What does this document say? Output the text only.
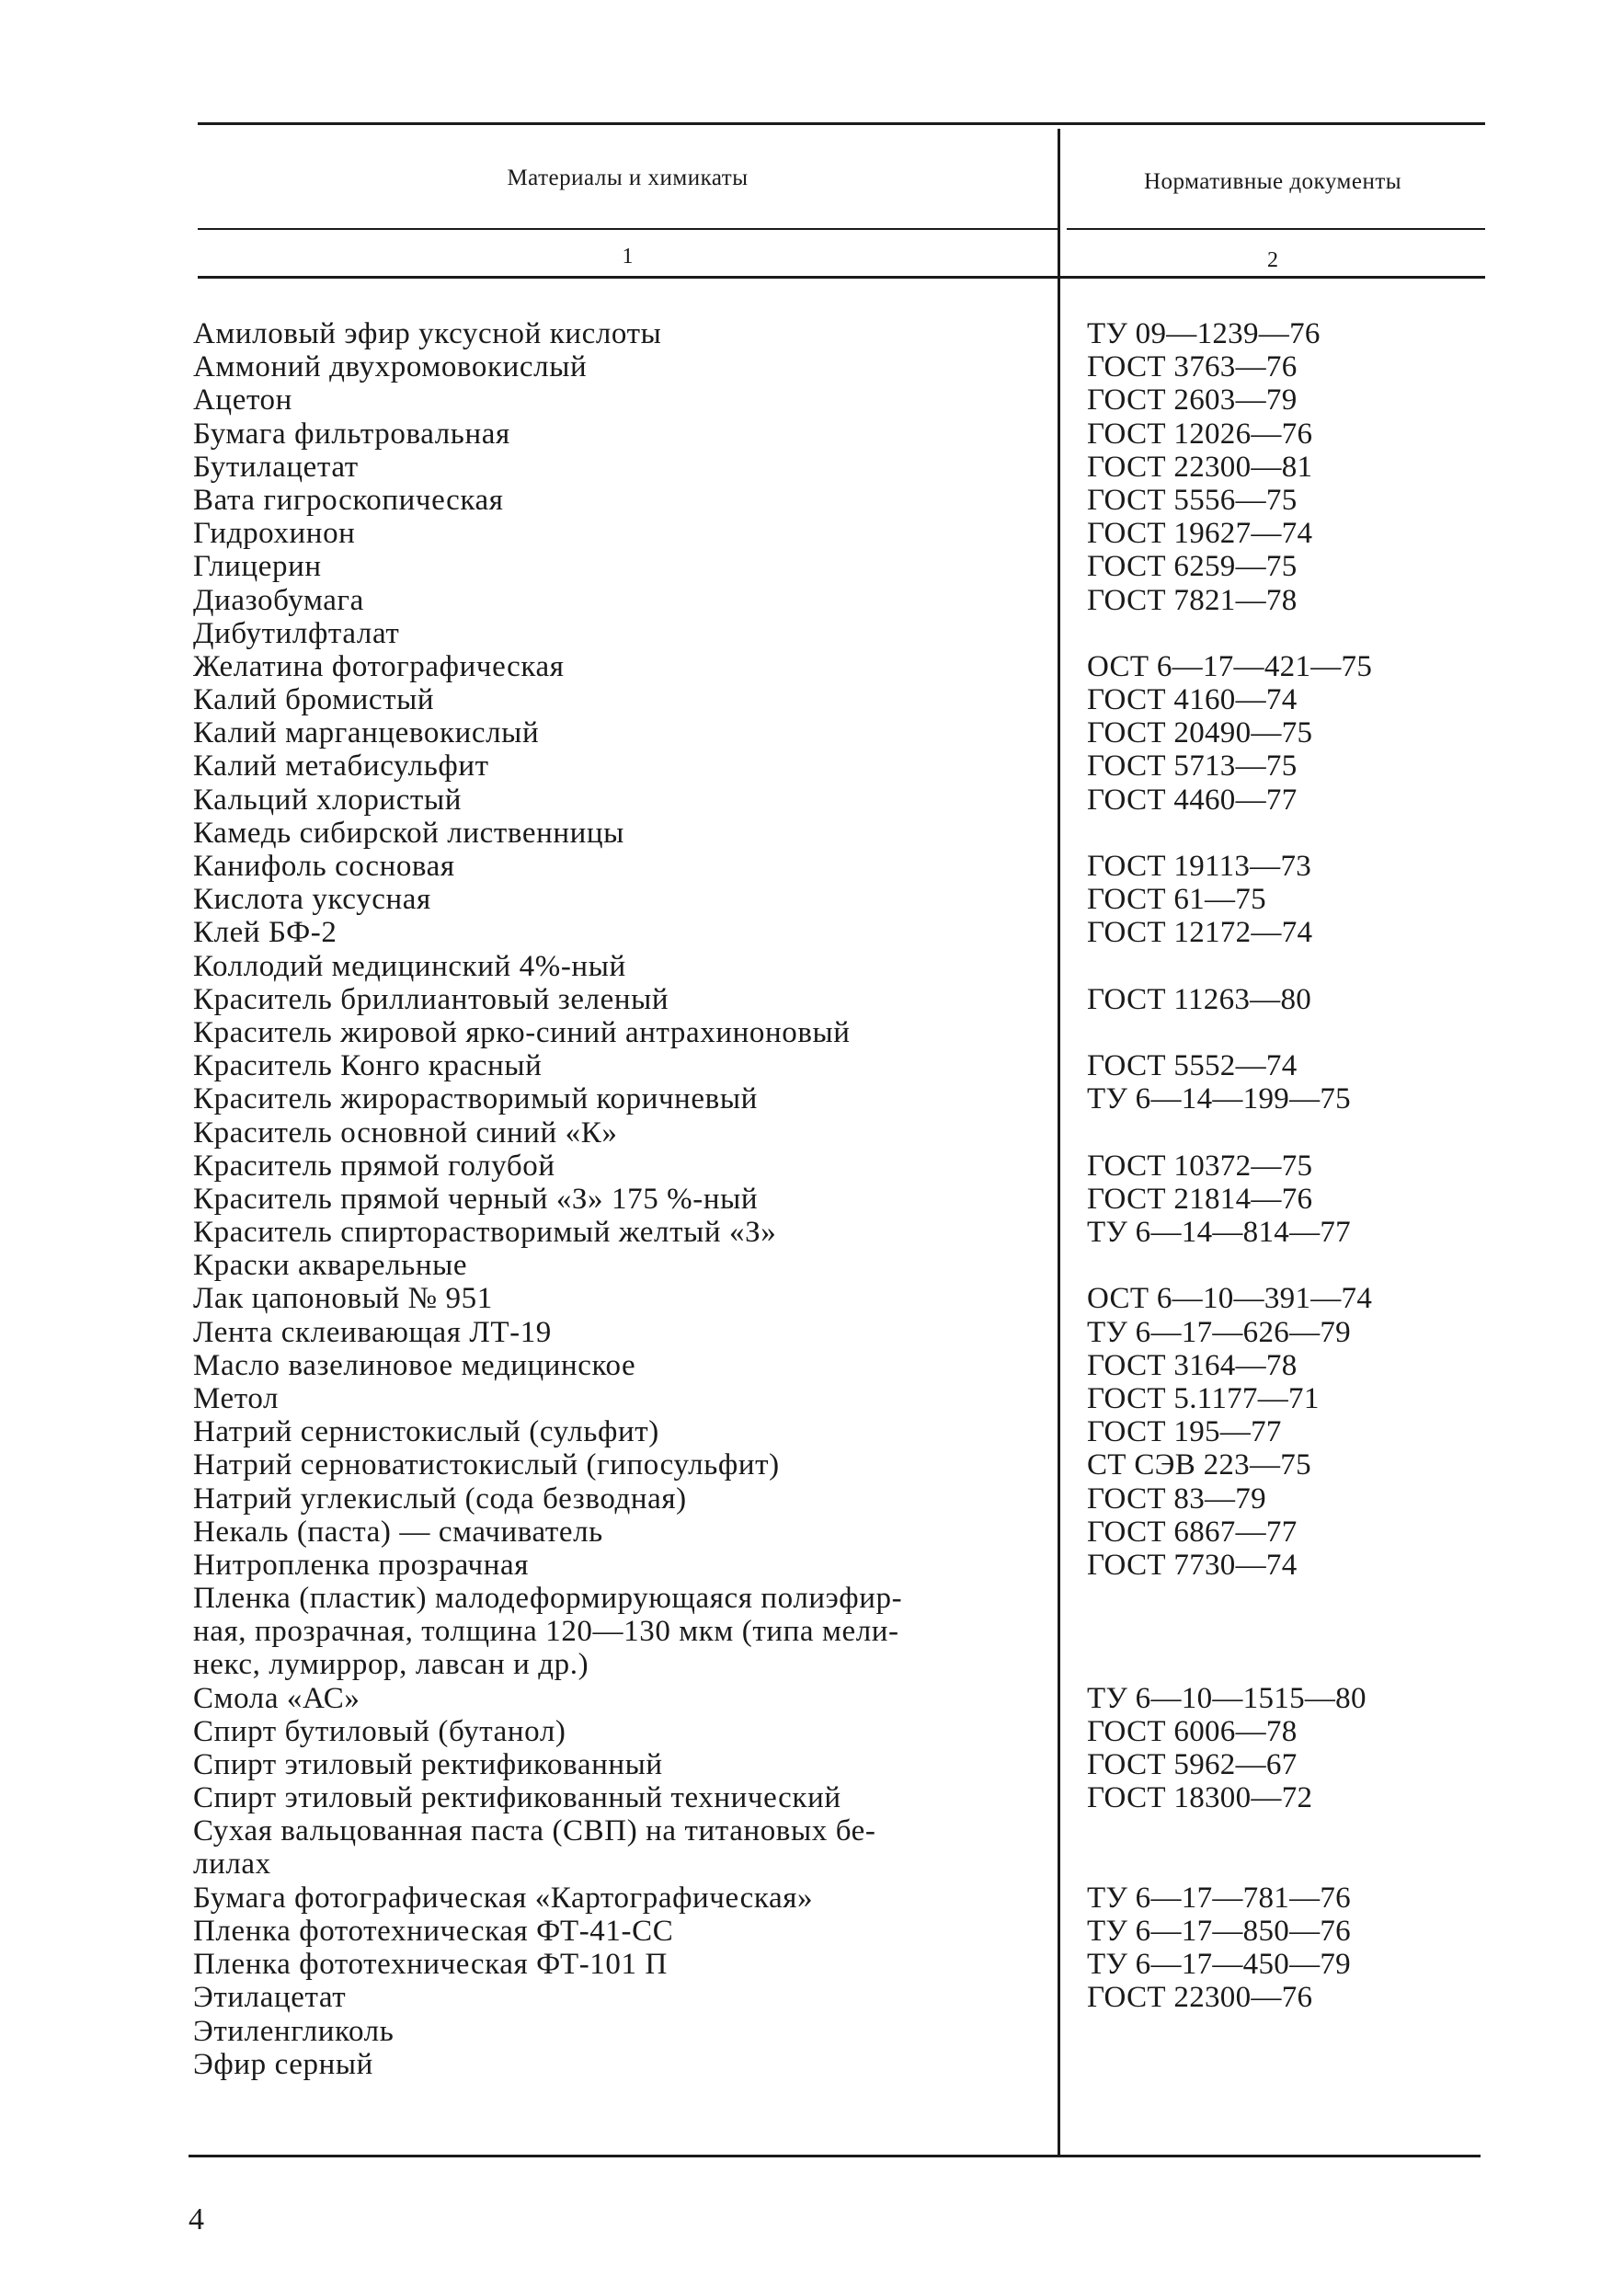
Материалы и химикаты	Нормативные документы
1	2
Амиловый эфир уксусной кислоты	ТУ 09—1239—76
Аммоний двухромовокислый	ГОСТ 3763—76
Ацетон	ГОСТ 2603—79
Бумага фильтровальная	ГОСТ 12026—76
Бутилацетат	ГОСТ 22300—81
Вата гигроскопическая	ГОСТ 5556—75
Гидрохинон	ГОСТ 19627—74
Глицерин	ГОСТ 6259—75
Диазобумага	ГОСТ 7821—78
Дибутилфталат
Желатина фотографическая	ОСТ 6—17—421—75
Калий бромистый	ГОСТ 4160—74
Калий марганцевокислый	ГОСТ 20490—75
Калий метабисульфит	ГОСТ 5713—75
Кальций хлористый	ГОСТ 4460—77
Камедь сибирской лиственницы
Канифоль сосновая	ГОСТ 19113—73
Кислота уксусная	ГОСТ 61—75
Клей БФ-2	ГОСТ 12172—74
Коллодий медицинский 4%-ный
Краситель бриллиантовый зеленый	ГОСТ 11263—80
Краситель жировой ярко-синий антрахиноновый
Краситель Конго красный	ГОСТ 5552—74
Краситель жирорастворимый коричневый	ТУ 6—14—199—75
Краситель основной синий «К»
Краситель прямой голубой	ГОСТ 10372—75
Краситель прямой черный «З» 175 %-ный	ГОСТ 21814—76
Краситель спирторастворимый желтый «З»	ТУ 6—14—814—77
Краски акварельные
Лак цапоновый № 951	ОСТ 6—10—391—74
Лента склеивающая ЛТ-19	ТУ 6—17—626—79
Масло вазелиновое медицинское	ГОСТ 3164—78
Метол	ГОСТ 5.1177—71
Натрий сернистокислый (сульфит)	ГОСТ 195—77
Натрий серноватистокислый (гипосульфит)	СТ СЭВ 223—75
Натрий углекислый (сода безводная)	ГОСТ 83—79
Некаль (паста) — смачиватель	ГОСТ 6867—77
Нитропленка прозрачная	ГОСТ 7730—74
Пленка (пластик) малодеформирующаяся полиэфир-
ная, прозрачная, толщина 120—130 мкм (типа мели-
некс, лумиррор, лавсан и др.)
Смола «АС»	ТУ 6—10—1515—80
Спирт бутиловый (бутанол)	ГОСТ 6006—78
Спирт этиловый ректификованный	ГОСТ 5962—67
Спирт этиловый ректификованный технический	ГОСТ 18300—72
Сухая вальцованная паста (СВП) на титановых бе-
лилах
Бумага фотографическая «Картографическая»	ТУ 6—17—781—76
Пленка фототехническая ФТ-41-СС	ТУ 6—17—850—76
Пленка фототехническая ФТ-101 П	ТУ 6—17—450—79
Этилацетат	ГОСТ 22300—76
Этиленгликоль
Эфир серный
4
